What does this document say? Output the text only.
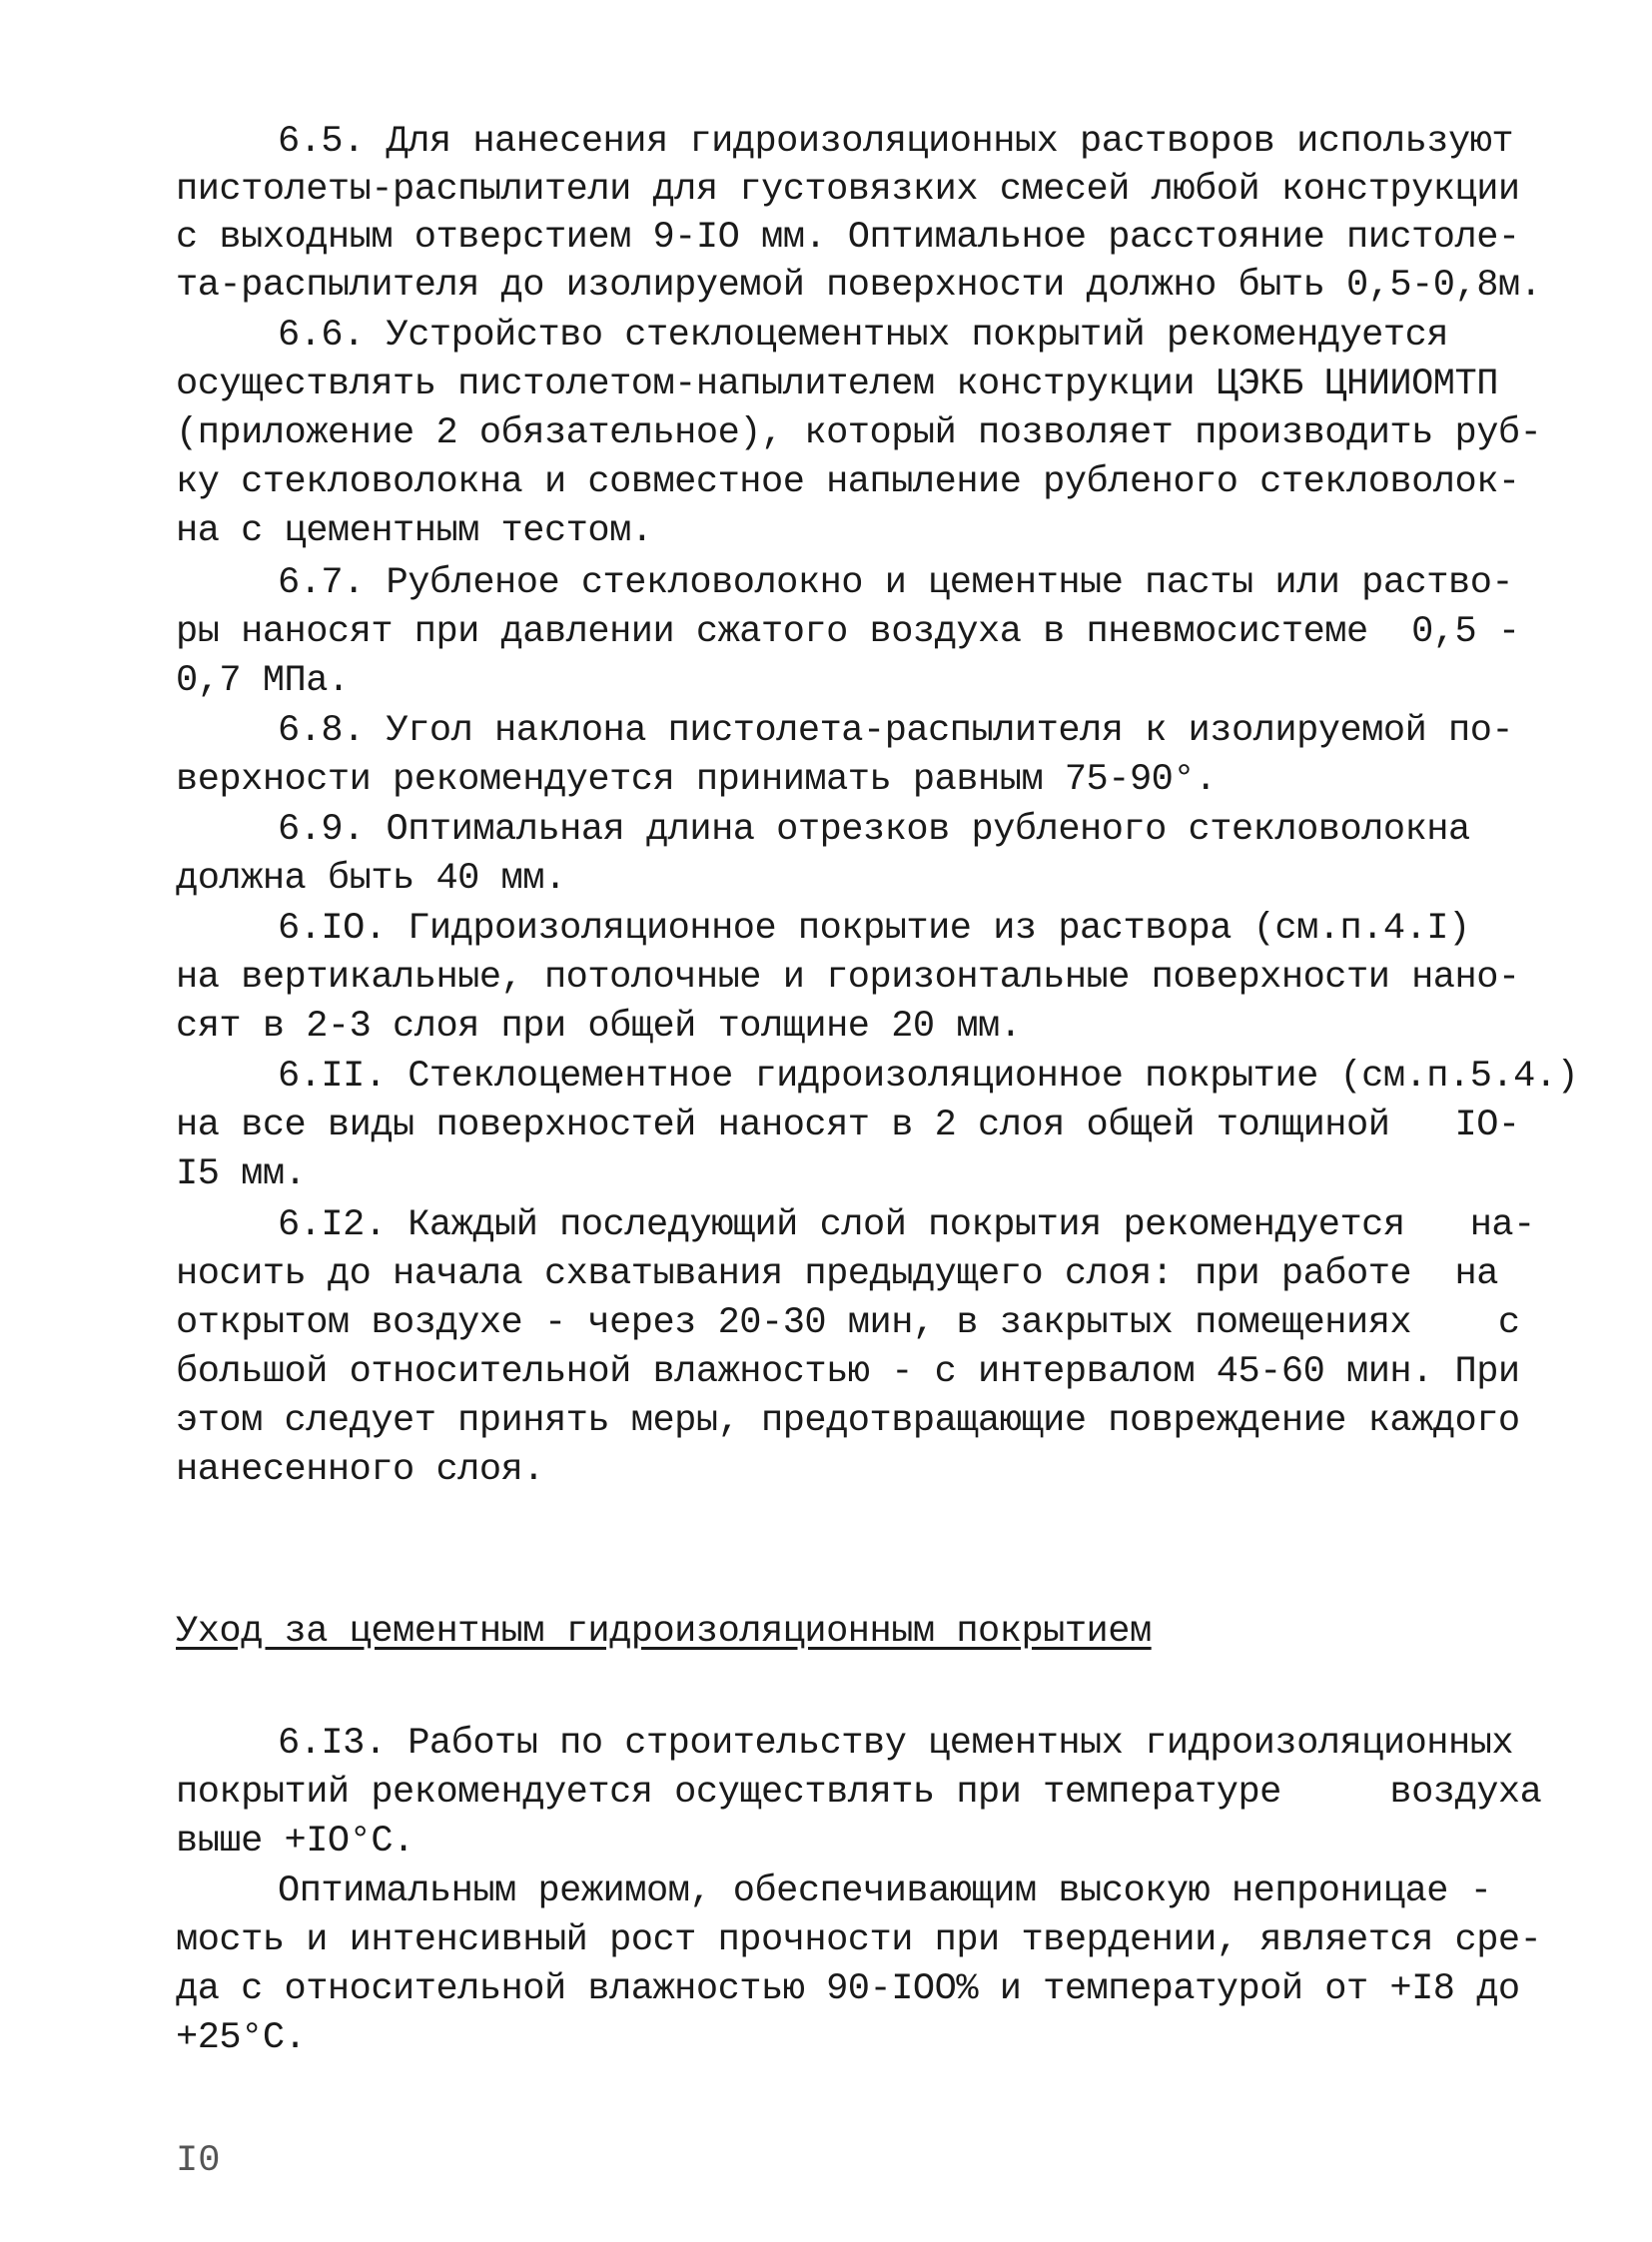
6.5. Для нанесения гидроизоляционных растворов используют
пистолеты-распылители для густовязких смесей любой конструкции
с выходным отверстием 9-IO мм. Оптимальное расстояние пистоле-
та-распылителя до изолируемой поверхности должно быть 0,5-0,8м.
6.6. Устройство стеклоцементных покрытий рекомендуется
осуществлять пистолетом-напылителем конструкции ЦЭКБ ЦНИИОМТП
(приложение 2 обязательное), который позволяет производить руб-
ку стекловолокна и совместное напыление рубленого стекловолок-
на с цементным тестом.
6.7. Рубленое стекловолокно и цементные пасты или раство-
ры наносят при давлении сжатого воздуха в пневмосистеме  0,5 -
0,7 МПа.
6.8. Угол наклона пистолета-распылителя к изолируемой по-
верхности рекомендуется принимать равным 75-90°.
6.9. Оптимальная длина отрезков рубленого стекловолокна
должна быть 40 мм.
6.IO. Гидроизоляционное покрытие из раствора (см.п.4.I)
на вертикальные, потолочные и горизонтальные поверхности нано-
сят в 2-3 слоя при общей толщине 20 мм.
6.II. Стеклоцементное гидроизоляционное покрытие (см.п.5.4.)
на все виды поверхностей наносят в 2 слоя общей толщиной   IO-
I5 мм.
6.I2. Каждый последующий слой покрытия рекомендуется   на-
носить до начала схватывания предыдущего слоя: при работе  на
открытом воздухе - через 20-30 мин, в закрытых помещениях    с
большой относительной влажностью - с интервалом 45-60 мин. При
этом следует принять меры, предотвращающие повреждение каждого
нанесенного слоя.
Уход за цементным гидроизоляционным покрытием
6.I3. Работы по строительству цементных гидроизоляционных
покрытий рекомендуется осуществлять при температуре     воздуха
выше +IO°С.
Оптимальным режимом, обеспечивающим высокую непроницае -
мость и интенсивный рост прочности при твердении, является сре-
да с относительной влажностью 90-IOO% и температурой от +I8 до
+25°С.
I0
